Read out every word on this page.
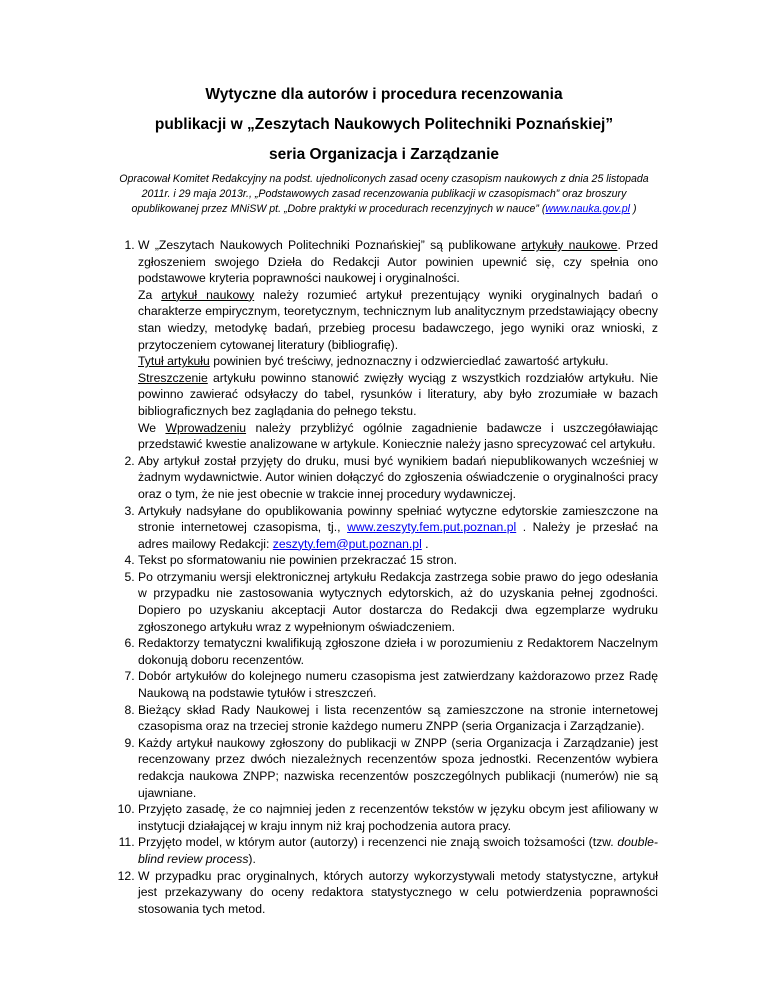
Wytyczne dla autorów i procedura recenzowania
publikacji w „Zeszytach Naukowych Politechniki Poznańskiej”
seria Organizacja i Zarządzanie
Opracował Komitet Redakcyjny na podst. ujednoliconych zasad oceny czasopism naukowych z dnia 25 listopada 2011r. i 29 maja 2013r., „Podstawowych zasad recenzowania publikacji w czasopismach” oraz broszury opublikowanej przez MNiSW pt. „Dobre praktyki w procedurach recenzyjnych w nauce” (www.nauka.gov.pl )

1. W „Zeszytach Naukowych Politechniki Poznańskiej” są publikowane artykuły naukowe. Przed zgłoszeniem swojego Dzieła do Redakcji Autor powinien upewnić się, czy spełnia ono podstawowe kryteria poprawności naukowej i oryginalności.

Za artykuł naukowy należy rozumieć artykuł prezentujący wyniki oryginalnych badań o charakterze empirycznym, teoretycznym, technicznym lub analitycznym przedstawiający obecny stan wiedzy, metodykę badań, przebieg procesu badawczego, jego wyniki oraz wnioski, z przytoczeniem cytowanej literatury (bibliografię).

Tytuł artykułu powinien być treściwy, jednoznaczny i odzwierciedlać zawartość artykułu.

Streszczenie artykułu powinno stanowić zwięzły wyciąg z wszystkich rozdziałów artykułu. Nie powinno zawierać odsyłaczy do tabel, rysunków i literatury, aby było zrozumiałe w bazach bibliograficznych bez zaglądania do pełnego tekstu.

We Wprowadzeniu należy przybliżyć ogólnie zagadnienie badawcze i uszczegóławiając przedstawić kwestie analizowane w artykule. Koniecznie należy jasno sprecyzować cel artykułu.

2. Aby artykuł został przyjęty do druku, musi być wynikiem badań niepublikowanych wcześniej w żadnym wydawnictwie. Autor winien dołączyć do zgłoszenia oświadczenie o oryginalności pracy oraz o tym, że nie jest obecnie w trakcie innej procedury wydawniczej.
3. Artykuły nadsyłane do opublikowania powinny spełniać wytyczne edytorskie zamieszczone na stronie internetowej czasopisma, tj., www.zeszyty.fem.put.poznan.pl . Należy je przesłać na adres mailowy Redakcji: zeszyty.fem@put.poznan.pl .
4. Tekst po sformatowaniu nie powinien przekraczać 15 stron.
5. Po otrzymaniu wersji elektronicznej artykułu Redakcja zastrzega sobie prawo do jego odesłania w przypadku nie zastosowania wytycznych edytorskich, aż do uzyskania pełnej zgodności. Dopiero po uzyskaniu akceptacji Autor dostarcza do Redakcji dwa egzemplarze wydruku zgłoszonego artykułu wraz z wypełnionym oświadczeniem.
6. Redaktorzy tematyczni kwalifikują zgłoszone dzieła i w porozumieniu z Redaktorem Naczelnym dokonują doboru recenzentów.
7. Dobór artykułów do kolejnego numeru czasopisma jest zatwierdzany każdorazowo przez Radę Naukową na podstawie tytułów i streszczeń.
8. Bieżący skład Rady Naukowej i lista recenzentów są zamieszczone na stronie internetowej czasopisma oraz na trzeciej stronie każdego numeru ZNPP (seria Organizacja i Zarządzanie).
9. Każdy artykuł naukowy zgłoszony do publikacji w ZNPP (seria Organizacja i Zarządzanie) jest recenzowany przez dwóch niezależnych recenzentów spoza jednostki. Recenzentów wybiera redakcja naukowa ZNPP; nazwiska recenzentów poszczególnych publikacji (numerów) nie są ujawniane.
10. Przyjęto zasadę, że co najmniej jeden z recenzentów tekstów w języku obcym jest afiliowany w instytucji działającej w kraju innym niż kraj pochodzenia autora pracy.
11. Przyjęto model, w którym autor (autorzy) i recenzenci nie znają swoich tożsamości (tzw. double-blind review process).
12. W przypadku prac oryginalnych, których autorzy wykorzystywali metody statystyczne, artykuł jest przekazywany do oceny redaktora statystycznego w celu potwierdzenia poprawności stosowania tych metod.
